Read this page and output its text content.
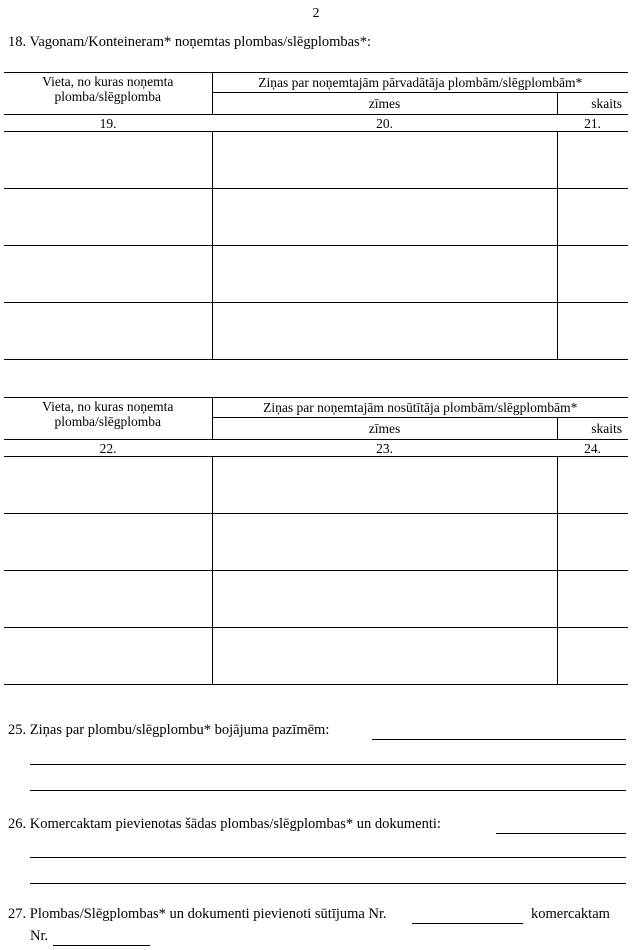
2
18. Vagonam/Konteineram* noņemtas plombas/slēgplombas*:
Vieta, no kuras noņemta plomba/slēgplomba	Ziņas par noņemtajām pārvadātāja plombām/slēgplombām*	
	zīmes	skaits
19.	20.	21.

Vieta, no kuras noņemta plomba/slēgplomba	Ziņas par noņemtajām nosūtītāja plombām/slēgplombām*	
	zīmes	skaits
22.	23.	24.

25. Ziņas par plombu/slēgplombu* bojājuma pazīmēm:
26. Komercaktam pievienotas šādas plombas/slēgplombas* un dokumenti:
27. Plombas/Slēgplombas* un dokumenti pievienoti sūtījuma Nr.	komercaktam
Nr.
